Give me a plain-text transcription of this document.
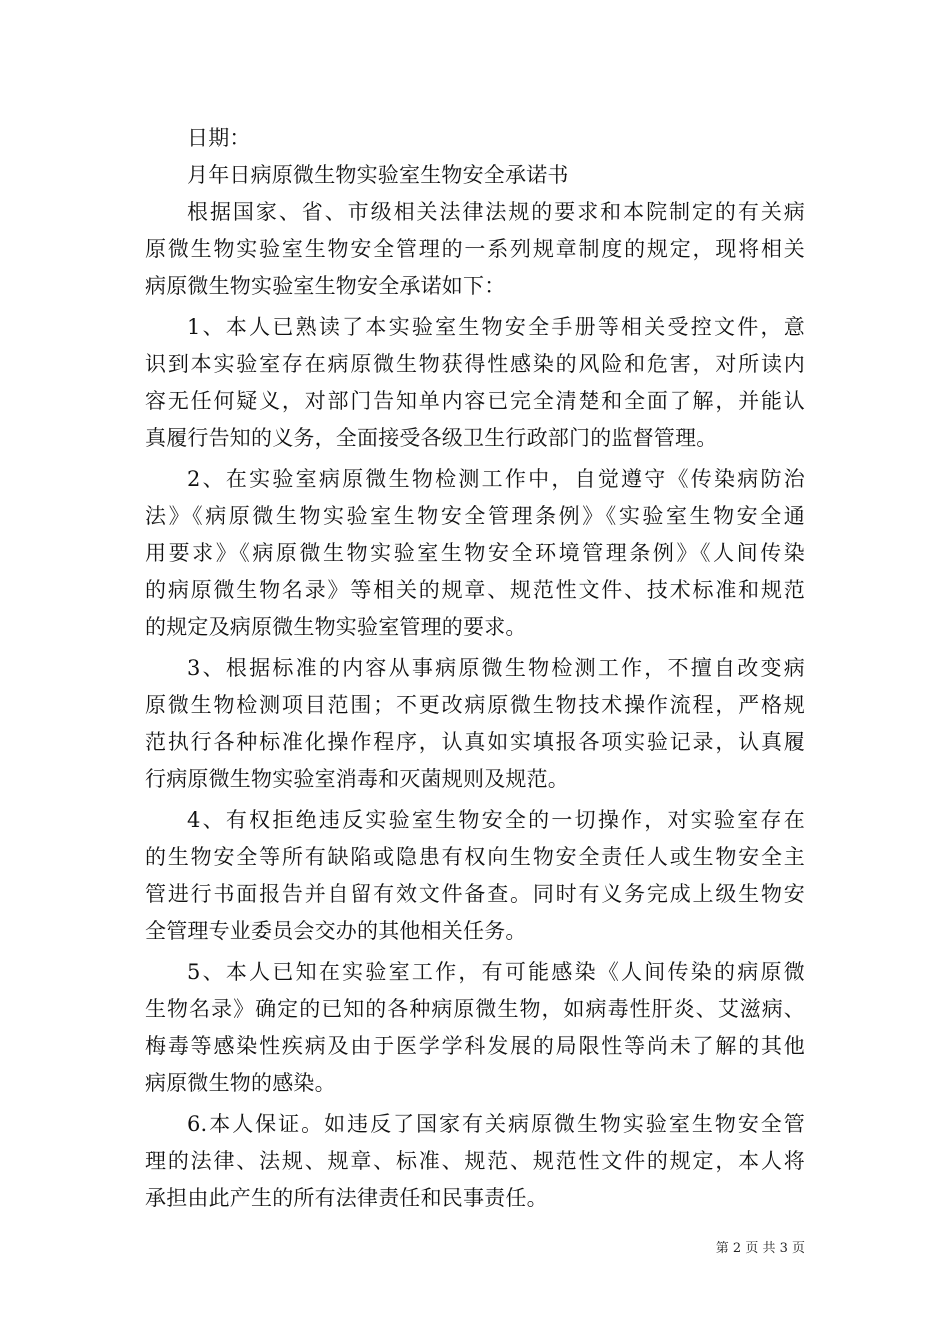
日期：
月年日病原微生物实验室生物安全承诺书
根据国家、省、市级相关法律法规的要求和本院制定的有关病
原微生物实验室生物安全管理的一系列规章制度的规定，现将相关
病原微生物实验室生物安全承诺如下：
1、本人已熟读了本实验室生物安全手册等相关受控文件，意
识到本实验室存在病原微生物获得性感染的风险和危害，对所读内
容无任何疑义，对部门告知单内容已完全清楚和全面了解，并能认
真履行告知的义务，全面接受各级卫生行政部门的监督管理。
2、在实验室病原微生物检测工作中，自觉遵守《传染病防治
法》《病原微生物实验室生物安全管理条例》《实验室生物安全通
用要求》《病原微生物实验室生物安全环境管理条例》《人间传染
的病原微生物名录》等相关的规章、规范性文件、技术标准和规范
的规定及病原微生物实验室管理的要求。
3、根据标准的内容从事病原微生物检测工作，不擅自改变病
原微生物检测项目范围；不更改病原微生物技术操作流程，严格规
范执行各种标准化操作程序，认真如实填报各项实验记录，认真履
行病原微生物实验室消毒和灭菌规则及规范。
4、有权拒绝违反实验室生物安全的一切操作，对实验室存在
的生物安全等所有缺陷或隐患有权向生物安全责任人或生物安全主
管进行书面报告并自留有效文件备查。同时有义务完成上级生物安
全管理专业委员会交办的其他相关任务。
5、本人已知在实验室工作，有可能感染《人间传染的病原微
生物名录》确定的已知的各种病原微生物，如病毒性肝炎、艾滋病、
梅毒等感染性疾病及由于医学学科发展的局限性等尚未了解的其他
病原微生物的感染。
6.本人保证。如违反了国家有关病原微生物实验室生物安全管
理的法律、法规、规章、标准、规范、规范性文件的规定，本人将
承担由此产生的所有法律责任和民事责任。
第 2 页 共 3 页
